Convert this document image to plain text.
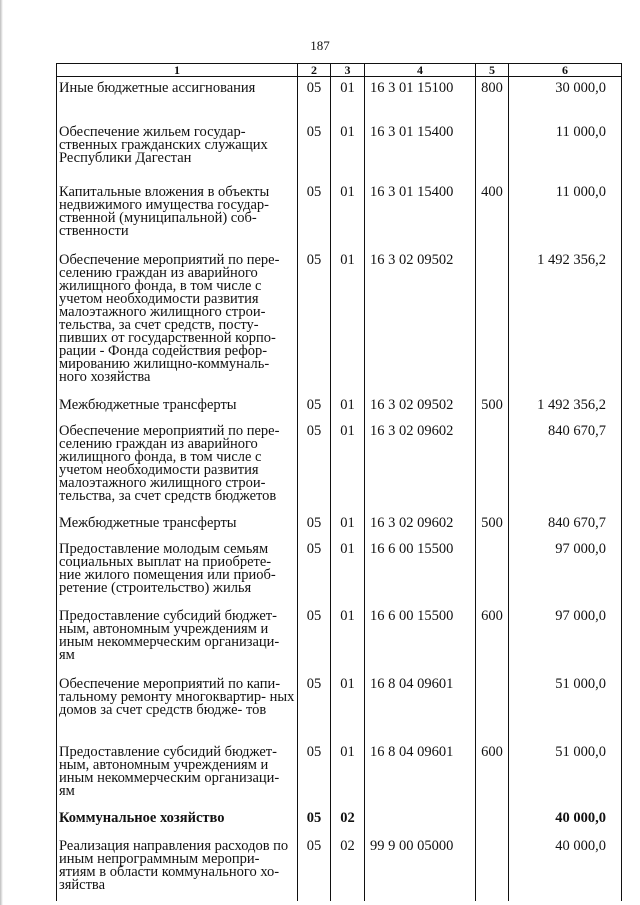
187
1	2	3	4	5	6
Иные бюджетные ассигнования	05	01	16 3 01 15100	800	30 000,0
Обеспечение жильем государ- ственных гражданских служащих Республики Дагестан	05	01	16 3 01 15400		11 000,0
Капитальные вложения в объекты недвижимого имущества государ- ственной (муниципальной) соб- ственности	05	01	16 3 01 15400	400	11 000,0
Обеспечение мероприятий по пере- селению граждан из аварийного жилищного фонда, в том числе с учетом необходимости развития малоэтажного жилищного строи- тельства, за счет средств, посту- пивших от государственной корпо- рации - Фонда содействия рефор- мированию жилищно-коммуналь- ного хозяйства	05	01	16 3 02 09502		1 492 356,2
Межбюджетные трансферты	05	01	16 3 02 09502	500	1 492 356,2
Обеспечение мероприятий по пере- селению граждан из аварийного жилищного фонда, в том числе с учетом необходимости развития малоэтажного жилищного строи- тельства, за счет средств бюджетов	05	01	16 3 02 09602		840 670,7
Межбюджетные трансферты	05	01	16 3 02 09602	500	840 670,7
Предоставление молодым семьям социальных выплат на приобрете- ние жилого помещения или приоб- ретение (строительство) жилья	05	01	16 6 00 15500		97 000,0
Предоставление субсидий бюджет- ным, автономным учреждениям и иным некоммерческим организаци- ям	05	01	16 6 00 15500	600	97 000,0
Обеспечение мероприятий по капи- тальному ремонту многоквартир- ных домов за счет средств бюдже- тов	05	01	16 8 04 09601		51 000,0
Предоставление субсидий бюджет- ным, автономным учреждениям и иным некоммерческим организаци- ям	05	01	16 8 04 09601	600	51 000,0
Коммунальное хозяйство	05	02			40 000,0
Реализация направления расходов по иным непрограммным меропри- ятиям в области коммунального хо- зяйства	05	02	99 9 00 05000		40 000,0
